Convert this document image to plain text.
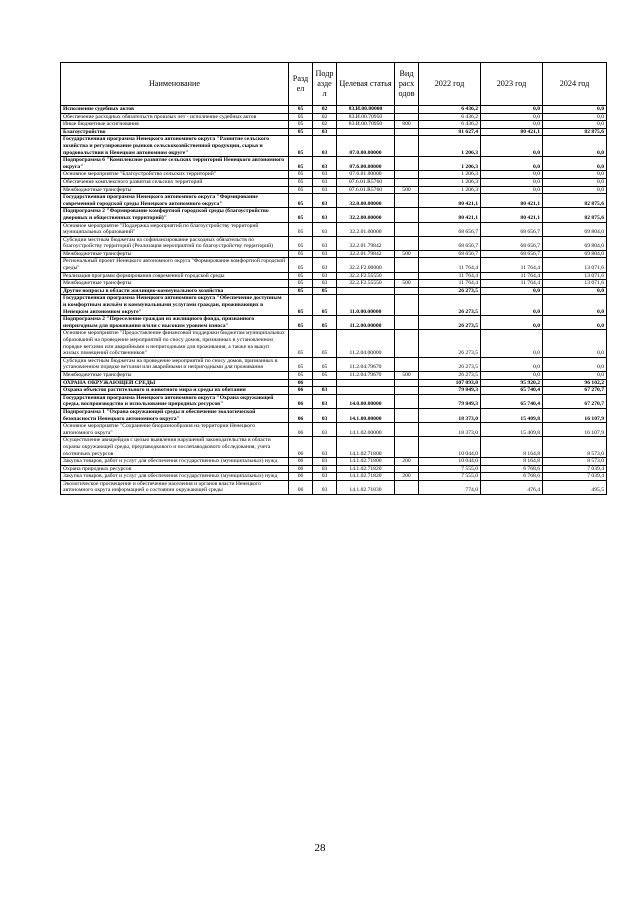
Наименование	Разд ел	Подр азде л	Целевая статья	Вид расх одов	2022 год	2023 год	2024 год
Исполнение судебных актов	05	02	83.И.00.00000		6 436,2	0,0	0,0
Обеспечение расходных обязательств прошлых лет - исполнение судебных актов	05	02	83.И.00.70950		6 436,2	0,0	0,0
Иные бюджетные ассигнования	05	02	83.И.00.70950	800	6 436,2	0,0	0,0
Благоустройство	05	03			81 627,4	80 421,1	82 875,6
Государственная программа Ненецкого автономного округа "Развитие сельского хозяйства и регулирование рынков сельскохозяйственной продукции, сырья и продовольствия в Ненецком автономном округе"	05	03	07.0.00.00000		1 206,3	0,0	0,0
Подпрограмма 6 "Комплексное развитие сельских территорий Ненецкого автономного округа"	05	03	07.6.00.00000		1 206,3	0,0	0,0
Основное мероприятие "Благоустройство сельских территорий"	05	03	07.6.01.00000		1 206,3	0,0	0,0
Обеспечение комплексного развития сельских территорий	05	03	07.6.01.R5760		1 206,3	0,0	0,0
Межбюджетные трансферты	05	03	07.6.01.R5760	500	1 206,3	0,0	0,0
Государственная программа Ненецкого автономного округа "Формирование современной городской среды Ненецкого автономного округа"	05	03	32.0.00.00000		80 421,1	80 421,1	82 875,6
Подпрограмма 2 "Формирование комфортной городской среды (благоустройство дворовых и общественных территорий)"	05	03	32.2.00.00000		80 421,1	80 421,1	82 875,6
Основное мероприятие "Поддержка мероприятий по благоустройству территорий муниципальных образований"	05	03	32.2.01.00000		68 656,7	68 656,7	69 804,0
Субсидии местным бюджетам на софинансирование расходных обязательств по благоустройству территорий (Реализация мероприятий по благоустройству территорий)	05	03	32.2.01.79842		68 656,7	68 656,7	69 804,0
Межбюджетные трансферты	05	03	32.2.01.79842	500	68 656,7	68 656,7	69 804,0
Региональный проект Ненецкого автономного округа "Формирование комфортной городской среды"	05	03	32.2.F2.00000		11 764,4	11 764,4	13 071,6
Реализация программ формирования современной городской среды	05	03	32.2.F2.55550		11 764,4	11 764,4	13 071,6
Межбюджетные трансферты	05	03	32.2.F2.55550	500	11 764,4	11 764,4	13 071,6
Другие вопросы в области жилищно-коммунального хозяйства	05	05			26 273,5	0,0	0,0
Государственная программа Ненецкого автономного округа "Обеспечение доступным и комфортным жильём и коммунальными услугами граждан, проживающих в Ненецком автономном округе"	05	05	11.0.00.00000		26 273,5	0,0	0,0
Подпрограмма 2 "Переселение граждан из жилищного фонда, признанного непригодным для проживания и/или с высоким уровнем износа"	05	05	11.2.00.00000		26 273,5	0,0	0,0
Основное мероприятие "Предоставление финансовой поддержки бюджетам муниципальных образований на проведение мероприятий по сносу домов, признанных в установленном порядке ветхими или аварийными и непригодными для проживания, а также на выкуп жилых помещений собственников"	05	05	11.2.04.00000		26 273,5	0,0	0,0
Субсидии местным бюджетам на проведение мероприятий по сносу домов, признанных в установленном порядке ветхими или аварийными и непригодными для проживания	05	05	11.2.04.79670		26 273,5	0,0	0,0
Межбюджетные трансферты	05	05	11.2.04.79670	500	26 273,5	0,0	0,0
ОХРАНА ОКРУЖАЮЩЕЙ СРЕДЫ	06				107 093,0	95 920,2	96 102,2
Охрана объектов растительного и животного мира и среды их обитания	06	03			79 849,3	65 740,4	67 270,7
Государственная программа Ненецкого автономного округа "Охрана окружающей среды, воспроизводство и использование природных ресурсов"	06	03	14.0.00.00000		79 849,3	65 740,4	67 270,7
Подпрограмма 1 "Охрана окружающей среды и обеспечение экологической безопасности Ненецкого автономного округа"	06	03	14.1.00.00000		18 373,0	15 409,8	16 107,9
Основное мероприятие "Сохранение биоразнообразия на территории Ненецкого автономного округа"	06	03	14.1.02.00000		18 373,0	15 409,8	16 107,9
Осуществление авиарейдов с целью выявления нарушений законодательства в области охраны окружающей среды, предпаводкового и послепаводкового обследования, учета охотничьих ресурсов	06	03	14.1.02.71800		10 044,0	8 164,8	8 573,0
Закупка товаров, работ и услуг для обеспечения государственных (муниципальных) нужд	06	03	14.1.02.71800	200	10 044,0	8 164,8	8 573,0
Охрана природных ресурсов	06	03	14.1.02.71820		7 555,0	6 768,6	7 039,4
Закупка товаров, работ и услуг для обеспечения государственных (муниципальных) нужд	06	03	14.1.02.71820	200	7 555,0	6 768,6	7 039,4
Экологическое просвещение и обеспечение населения и органов власти Ненецкого автономного округа информацией о состоянии окружающей среды	06	03	14.1.02.71830		774,0	476,4	495,5
28
